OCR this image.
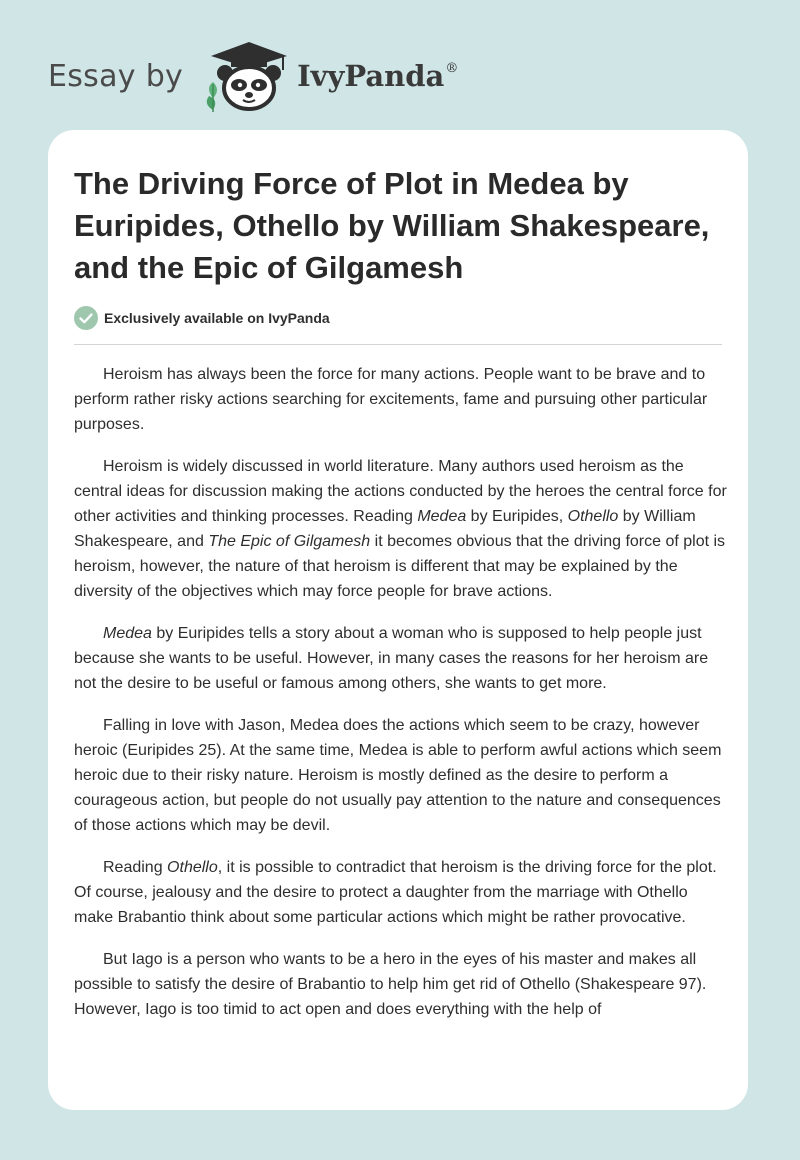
Essay by	IvyPanda®
The Driving Force of Plot in Medea by Euripides, Othello by William Shakespeare, and the Epic of Gilgamesh
Exclusively available on IvyPanda

Heroism has always been the force for many actions. People want to be brave and to perform rather risky actions searching for excitements, fame and pursuing other particular purposes.

Heroism is widely discussed in world literature. Many authors used heroism as the central ideas for discussion making the actions conducted by the heroes the central force for other activities and thinking processes. Reading Medea by Euripides, Othello by William Shakespeare, and The Epic of Gilgamesh it becomes obvious that the driving force of plot is heroism, however, the nature of that heroism is different that may be explained by the diversity of the objectives which may force people for brave actions.

Medea by Euripides tells a story about a woman who is supposed to help people just because she wants to be useful. However, in many cases the reasons for her heroism are not the desire to be useful or famous among others, she wants to get more.

Falling in love with Jason, Medea does the actions which seem to be crazy, however heroic (Euripides 25). At the same time, Medea is able to perform awful actions which seem heroic due to their risky nature. Heroism is mostly defined as the desire to perform a courageous action, but people do not usually pay attention to the nature and consequences of those actions which may be devil.

Reading Othello, it is possible to contradict that heroism is the driving force for the plot. Of course, jealousy and the desire to protect a daughter from the marriage with Othello make Brabantio think about some particular actions which might be rather provocative.

But Iago is a person who wants to be a hero in the eyes of his master and makes all possible to satisfy the desire of Brabantio to help him get rid of Othello (Shakespeare 97). However, Iago is too timid to act open and does everything with the help of
